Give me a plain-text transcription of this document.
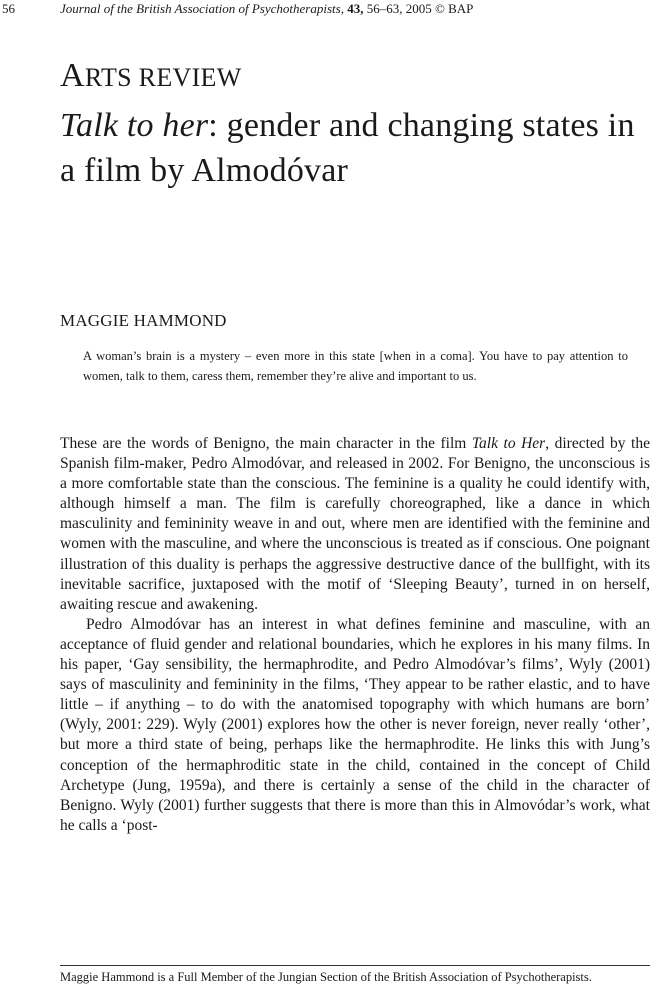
56	Journal of the British Association of Psychotherapists, 43, 56–63, 2005 © BAP
ARTS REVIEW
Talk to her: gender and changing states in a film by Almodóvar
MAGGIE HAMMOND
A woman’s brain is a mystery – even more in this state [when in a coma]. You have to pay attention to women, talk to them, caress them, remember they’re alive and important to us.

These are the words of Benigno, the main character in the film Talk to Her, directed by the Spanish film-maker, Pedro Almodóvar, and released in 2002. For Benigno, the unconscious is a more comfortable state than the conscious. The feminine is a quality he could identify with, although himself a man. The film is carefully choreographed, like a dance in which masculinity and femininity weave in and out, where men are identified with the feminine and women with the masculine, and where the unconscious is treated as if conscious. One poignant illustration of this duality is perhaps the aggressive destructive dance of the bullfight, with its inevitable sacrifice, juxtaposed with the motif of ‘Sleeping Beauty’, turned in on herself, awaiting rescue and awakening.

Pedro Almodóvar has an interest in what defines feminine and masculine, with an acceptance of fluid gender and relational boundaries, which he explores in his many films. In his paper, ‘Gay sensibility, the hermaphrodite, and Pedro Almodóvar’s films’, Wyly (2001) says of masculinity and femininity in the films, ‘They appear to be rather elastic, and to have little – if anything – to do with the anatomised topography with which humans are born’ (Wyly, 2001: 229). Wyly (2001) explores how the other is never foreign, never really ‘other’, but more a third state of being, perhaps like the hermaphrodite. He links this with Jung’s conception of the hermaphroditic state in the child, contained in the concept of Child Archetype (Jung, 1959a), and there is certainly a sense of the child in the character of Benigno. Wyly (2001) further suggests that there is more than this in Almovódar’s work, what he calls a ‘post-

Maggie Hammond is a Full Member of the Jungian Section of the British Association of Psychotherapists.
